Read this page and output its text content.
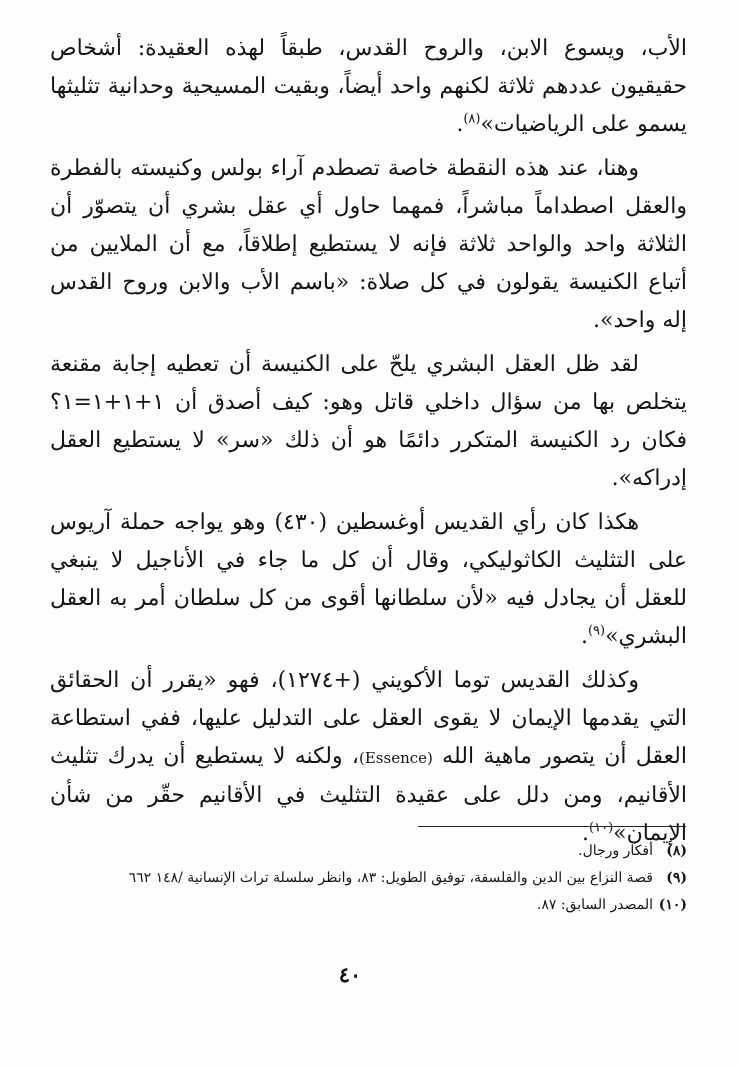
الأب، ويسوع الابن، والروح القدس، طبقاً لهذه العقيدة: أشخاص حقيقيون عددهم ثلاثة لكنهم واحد أيضاً، وبقيت المسيحية وحدانية تثليثها يسمو على الرياضيات»$^{(٨)}$.

وهنا، عند هذه النقطة خاصة تصطدم آراء بولس وكنيسته بالفطرة والعقل اصطداماً مباشراً، فمهما حاول أي عقل بشري أن يتصوّر أن الثلاثة واحد والواحد ثلاثة فإنه لا يستطيع إطلاقاً، مع أن الملايين من أتباع الكنيسة يقولون في كل صلاة: «باسم الأب والابن وروح القدس إله واحد».

لقد ظل العقل البشري يلحّ على الكنيسة أن تعطيه إجابة مقنعة يتخلص بها من سؤال داخلي قاتل وهو: كيف أصدق أن ١+١+١=١؟ فكان رد الكنيسة المتكرر دائمًا هو أن ذلك «سر» لا يستطيع العقل إدراكه».

هكذا كان رأي القديس أوغسطين (٤٣٠) وهو يواجه حملة آريوس على التثليث الكاثوليكي، وقال أن كل ما جاء في الأناجيل لا ينبغي للعقل أن يجادل فيه «لأن سلطانها أقوى من كل سلطان أمر به العقل البشري»$^{(٩)}$.

وكذلك القديس توما الأكويني (+١٢٧٤)، فهو «يقرر أن الحقائق التي يقدمها الإيمان لا يقوى العقل على التدليل عليها، ففي استطاعة العقل أن يتصور ماهية الله (Essence)، ولكنه لا يستطيع أن يدرك تثليث الأقانيم، ومن دلل على عقيدة التثليث في الأقانيم حقّر من شأن الإيمان»$^{(١٠)}$.

(٨)
أفكار ورجال.

(٩)
قصة النزاع بين الدين والفلسفة، توفيق الطويل: ٨٣، وانظر سلسلة تراث الإنسانية /١٤٨ ٦٦٢

(١٠)
المصدر السابق: ٨٧.

٤٠
